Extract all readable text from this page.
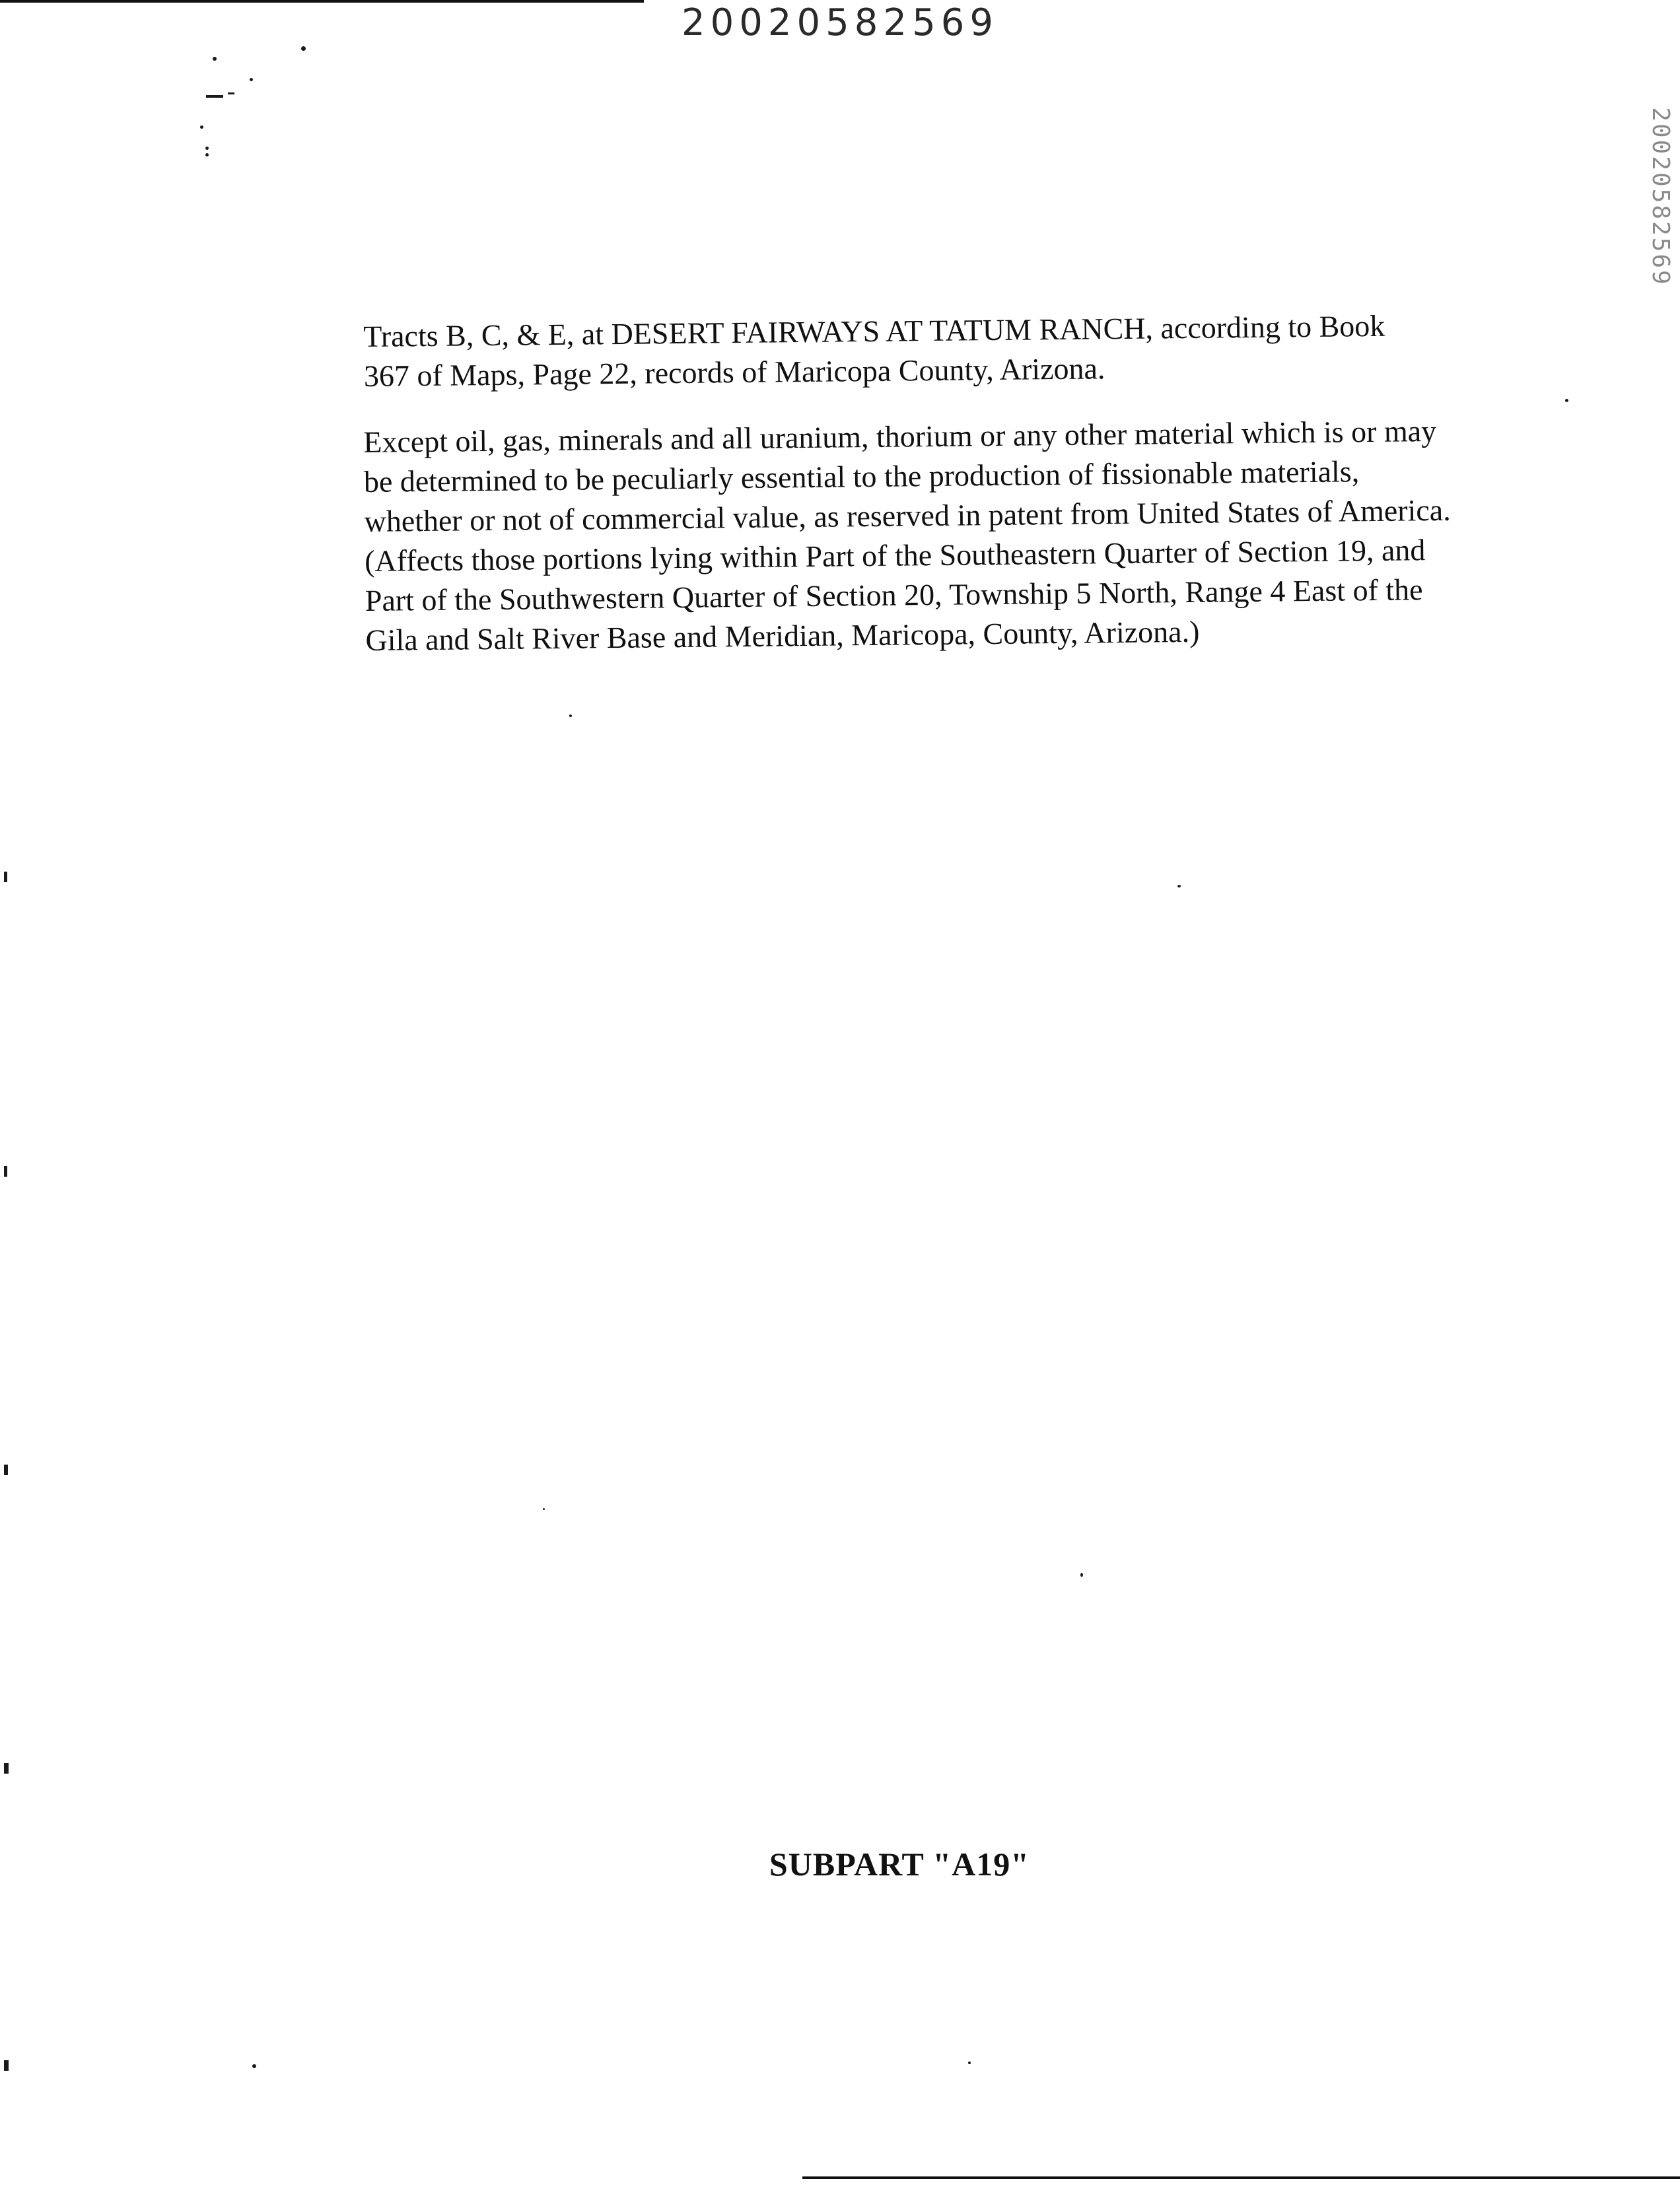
20020582569
20020582569

Tracts B, C, & E, at DESERT FAIRWAYS AT TATUM RANCH, according to Book

367 of Maps, Page 22, records of Maricopa County, Arizona.

Except oil, gas, minerals and all uranium, thorium or any other material which is or may

be determined to be peculiarly essential to the production of fissionable materials,

whether or not of commercial value, as reserved in patent from United States of America.

(Affects those portions lying within Part of the Southeastern Quarter of Section 19, and

Part of the Southwestern Quarter of Section 20, Township 5 North, Range 4 East of the

Gila and Salt River Base and Meridian, Maricopa, County, Arizona.)

SUBPART "A19"
